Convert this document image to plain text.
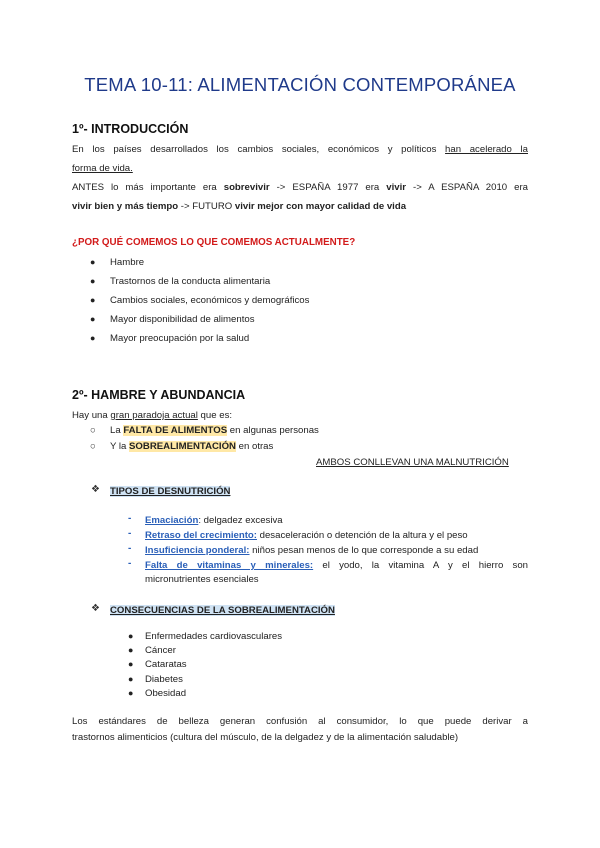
TEMA 10-11: ALIMENTACIÓN CONTEMPORÁNEA
1º- INTRODUCCIÓN
En los países desarrollados los cambios sociales, económicos y políticos han acelerado la
forma de vida.
ANTES lo más importante era sobrevivir -> ESPAÑA 1977 era vivir -> A ESPAÑA 2010 era
vivir bien y más tiempo -> FUTURO vivir mejor con mayor calidad de vida
¿POR QUÉ COMEMOS LO QUE COMEMOS ACTUALMENTE?
● Hambre
● Trastornos de la conducta alimentaria
● Cambios sociales, económicos y demográficos
● Mayor disponibilidad de alimentos
● Mayor preocupación por la salud
2º- HAMBRE Y ABUNDANCIA
Hay una gran paradoja actual que es:
○ La FALTA DE ALIMENTOS en algunas personas
○ Y la SOBREALIMENTACIÓN en otras
AMBOS CONLLEVAN UNA MALNUTRICIÓN
❖ TIPOS DE DESNUTRICIÓN
- Emaciación: delgadez excesiva
- Retraso del crecimiento: desaceleración o detención de la altura y el peso
- Insuficiencia ponderal: niños pesan menos de lo que corresponde a su edad
- Falta de vitaminas y minerales: el yodo, la vitamina A y el hierro son
micronutrientes esenciales
❖ CONSECUENCIAS DE LA SOBREALIMENTACIÓN
● Enfermedades cardiovasculares
● Cáncer
● Cataratas
● Diabetes
● Obesidad
Los estándares de belleza generan confusión al consumidor, lo que puede derivar a
trastornos alimenticios (cultura del músculo, de la delgadez y de la alimentación saludable)
